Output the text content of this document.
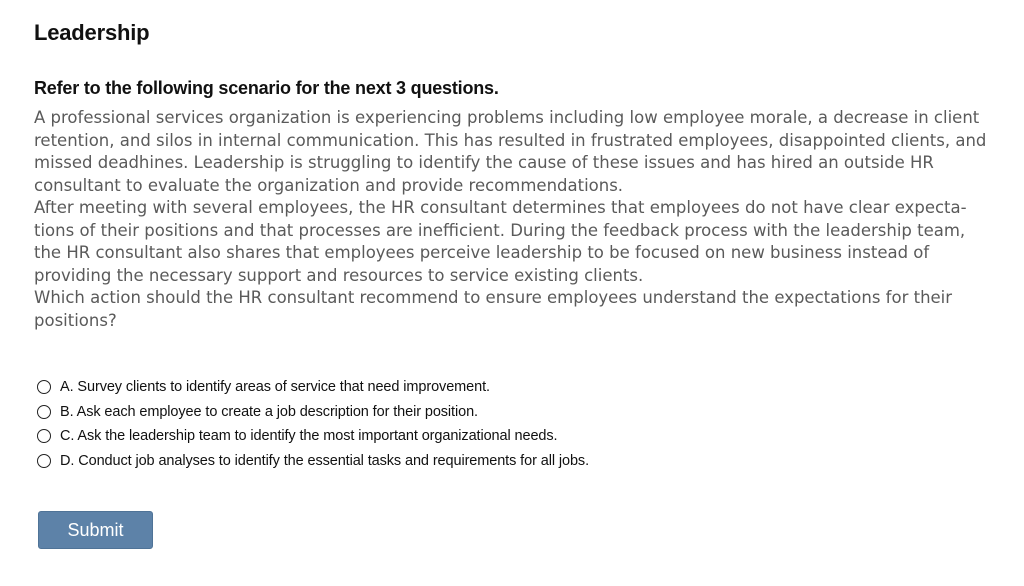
Leadership
Refer to the following scenario for the next 3 questions.

A professional services organization is experiencing problems including low employee morale, a decrease in client retention, and silos in internal communication. This has resulted in frustrated employees, disappointed clients, and missed deadhines. Leadership is struggling to identify the cause of these issues and has hired an outside HR consultant to evaluate the organization and provide recommendations.

After meeting with several employees, the HR consultant determines that employees do not have clear expectations of their positions and that processes are inefficient. During the feedback process with the leadership team, the HR consultant also shares that employees perceive leadership to be focused on new business instead of providing the necessary support and resources to service existing clients.

Which action should the HR consultant recommend to ensure employees understand the expectations for their positions?

A. Survey clients to identify areas of service that need improvement.
B. Ask each employee to create a job description for their position.
C. Ask the leadership team to identify the most important organizational needs.
D. Conduct job analyses to identify the essential tasks and requirements for all jobs.
Submit
